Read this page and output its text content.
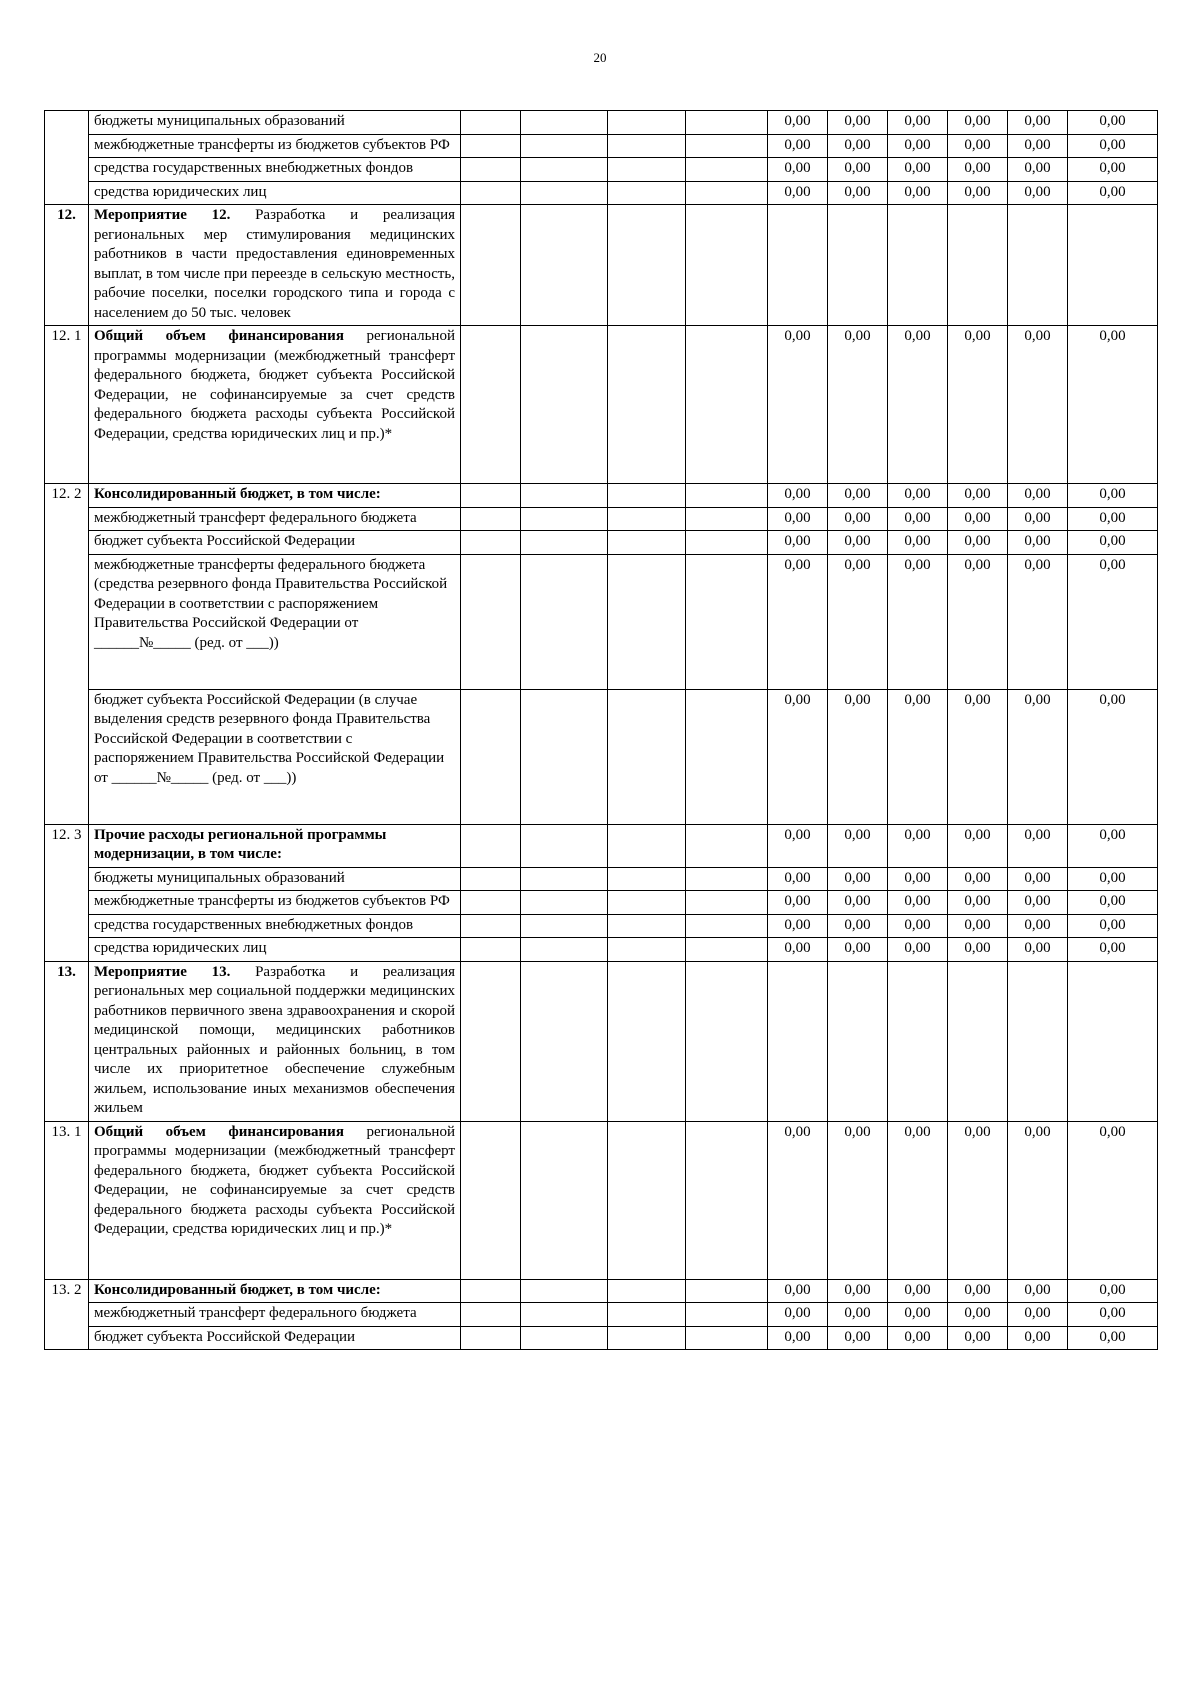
20
	бюджеты муниципальных образований					0,00	0,00	0,00	0,00	0,00	0,00
	межбюджетные трансферты из бюджетов субъектов РФ					0,00	0,00	0,00	0,00	0,00	0,00
	средства государственных внебюджетных фондов					0,00	0,00	0,00	0,00	0,00	0,00
	средства юридических лиц					0,00	0,00	0,00	0,00	0,00	0,00
12.	Мероприятие 12. Разработка и реализация региональных мер стимулирования медицинских работников в части предоставления единовременных выплат, в том числе при переезде в сельскую местность, рабочие поселки, поселки городского типа и города с населением до 50 тыс. человек										
12. 1	Общий объем финансирования региональной программы модернизации (межбюджетный трансферт федерального бюджета, бюджет субъекта Российской Федерации, не софинансируемые за счет средств федерального бюджета расходы субъекта Российской Федерации, средства юридических лиц и пр.)*					0,00	0,00	0,00	0,00	0,00	0,00
12. 2	Консолидированный бюджет, в том числе:					0,00	0,00	0,00	0,00	0,00	0,00
	межбюджетный трансферт федерального бюджета					0,00	0,00	0,00	0,00	0,00	0,00
	бюджет субъекта Российской Федерации					0,00	0,00	0,00	0,00	0,00	0,00
	межбюджетные трансферты федерального бюджета (средства резервного фонда Правительства Российской Федерации в соответствии с распоряжением Правительства Российской Федерации от ______№_____ (ред. от ___))					0,00	0,00	0,00	0,00	0,00	0,00
	бюджет субъекта Российской Федерации (в случае выделения средств резервного фонда Правительства Российской Федерации в соответствии с распоряжением Правительства Российской Федерации от ______№_____ (ред. от ___))					0,00	0,00	0,00	0,00	0,00	0,00
12. 3	Прочие расходы региональной программы модернизации, в том числе:					0,00	0,00	0,00	0,00	0,00	0,00
	бюджеты муниципальных образований					0,00	0,00	0,00	0,00	0,00	0,00
	межбюджетные трансферты из бюджетов субъектов РФ					0,00	0,00	0,00	0,00	0,00	0,00
	средства государственных внебюджетных фондов					0,00	0,00	0,00	0,00	0,00	0,00
	средства юридических лиц					0,00	0,00	0,00	0,00	0,00	0,00
13.	Мероприятие 13. Разработка и реализация региональных мер социальной поддержки медицинских работников первичного звена здравоохранения и скорой медицинской помощи, медицинских работников центральных районных и районных больниц, в том числе их приоритетное обеспечение служебным жильем, использование иных механизмов обеспечения жильем										
13. 1	Общий объем финансирования региональной программы модернизации (межбюджетный трансферт федерального бюджета, бюджет субъекта Российской Федерации, не софинансируемые за счет средств федерального бюджета расходы субъекта Российской Федерации, средства юридических лиц и пр.)*					0,00	0,00	0,00	0,00	0,00	0,00
13. 2	Консолидированный бюджет, в том числе:					0,00	0,00	0,00	0,00	0,00	0,00
	межбюджетный трансферт федерального бюджета					0,00	0,00	0,00	0,00	0,00	0,00
	бюджет субъекта Российской Федерации					0,00	0,00	0,00	0,00	0,00	0,00
